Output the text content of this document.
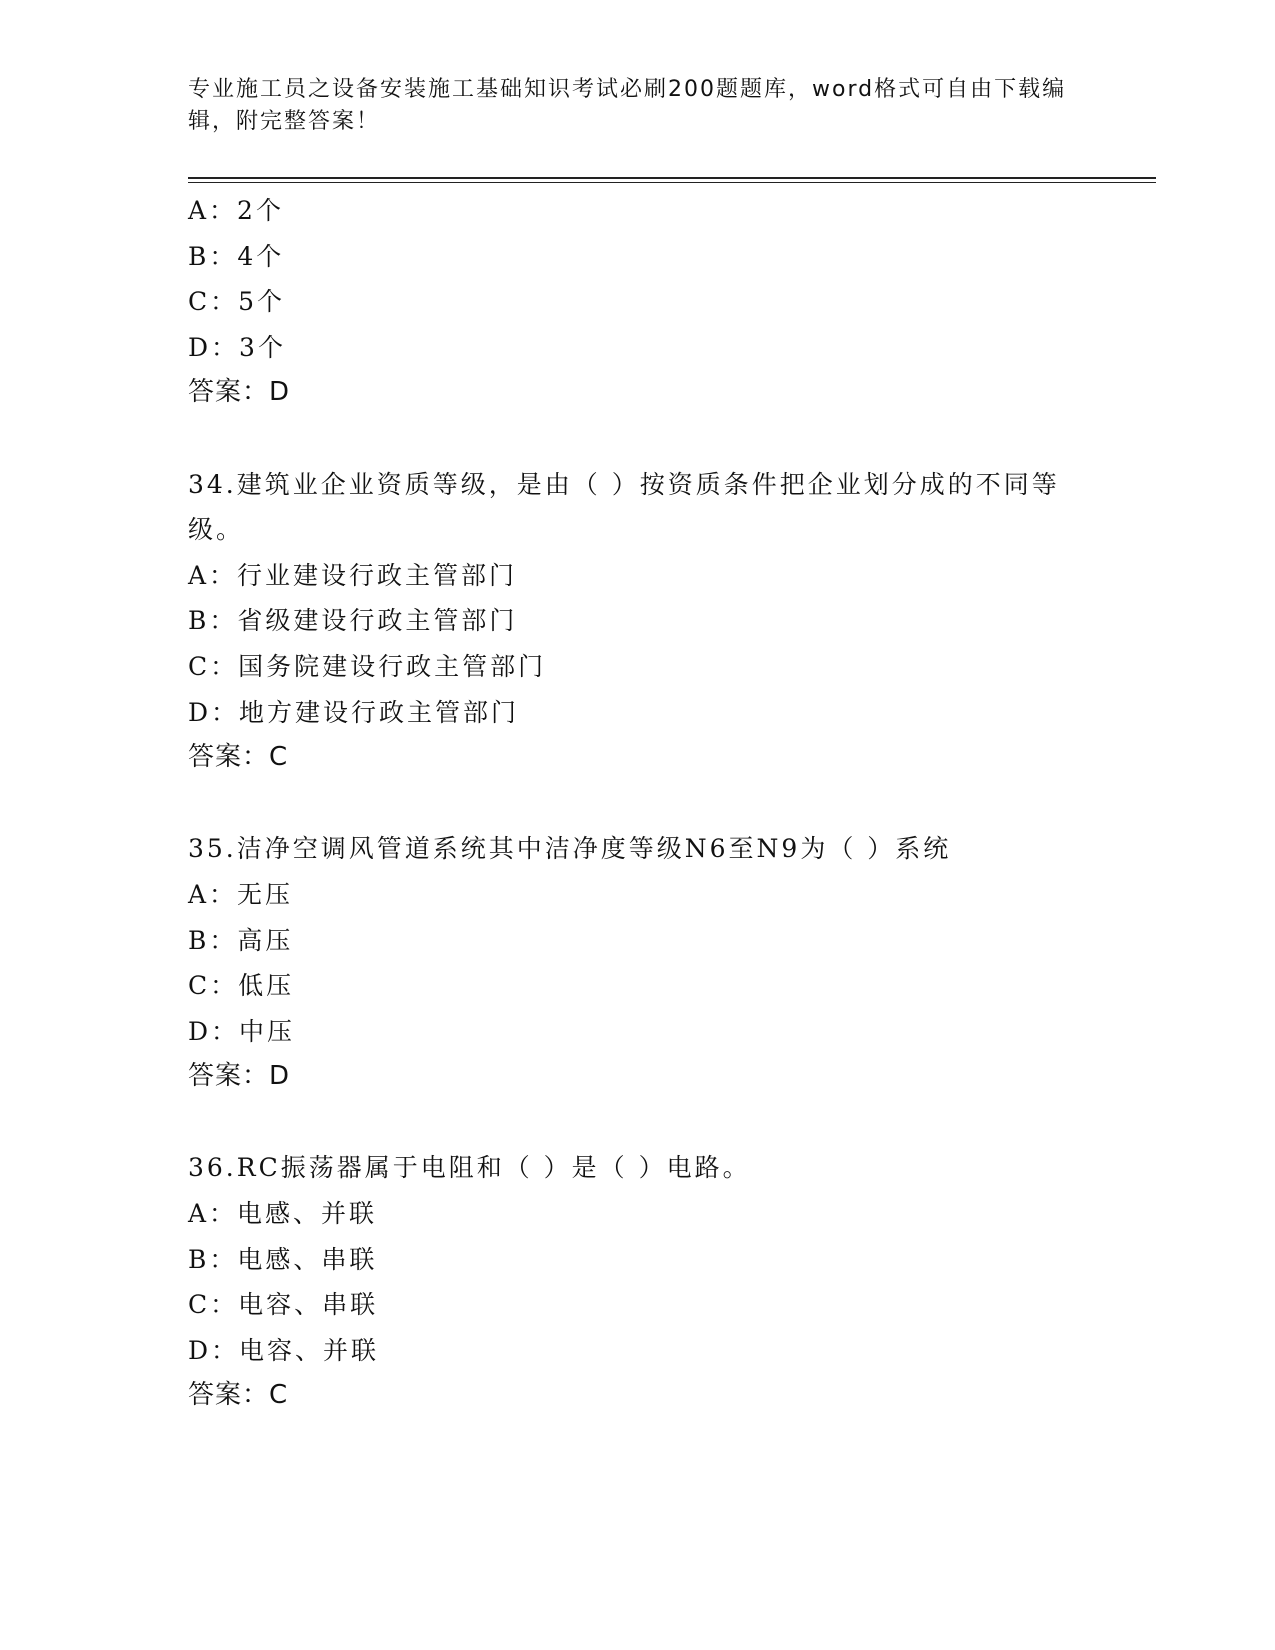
专业施工员之设备安装施工基础知识考试必刷200题题库，word格式可自由下载编辑，附完整答案！
A：2个
B：4个
C：5个
D：3个
答案：D
34.建筑业企业资质等级，是由（ ）按资质条件把企业划分成的不同等级。
A：行业建设行政主管部门
B：省级建设行政主管部门
C：国务院建设行政主管部门
D：地方建设行政主管部门
答案：C
35.洁净空调风管道系统其中洁净度等级N6至N9为（ ）系统
A：无压
B：高压
C：低压
D：中压
答案：D
36.RC振荡器属于电阻和（ ）是（ ）电路。
A：电感、并联
B：电感、串联
C：电容、串联
D：电容、并联
答案：C
